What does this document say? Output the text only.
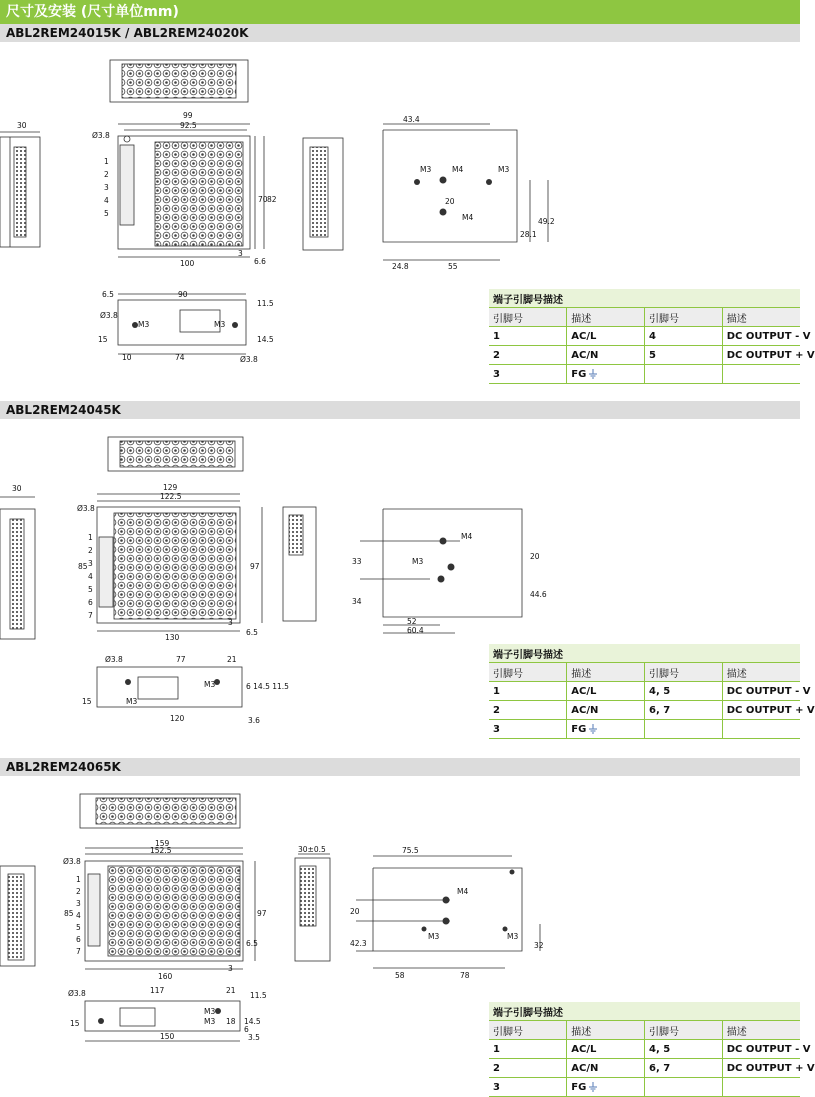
尺寸及安装 (尺寸单位mm)
ABL2REM24015K / ABL2REM24020K
30
Ø3.8
99
92.5
70 82
100
3
6.6
1
2
3
4
5
43.4
M3	M4	M3
M4
20
28.1
49.2
24.8	55
6.5	90
11.5
Ø3.8
M3	M3
15	14.5
10	74	Ø3.8
端子引脚号描述			
引脚号	描述	引脚号	描述
1	AC/L	4	DC OUTPUT - V
2	AC/N	5	DC OUTPUT + V
3	FG		
ABL2REM24045K
30
Ø3.8
129
122.5
85	97
130
3
6.5
1
2
3
4
5
6
7
33
34
20
44.6
52
60.4
M3
M4
Ø3.8	77	21
M3
M3
15
120	3.6
6 14.5 11.5
端子引脚号描述			
引脚号	描述	引脚号	描述
1	AC/L	4, 5	DC OUTPUT - V
2	AC/N	6, 7	DC OUTPUT + V
3	FG		
ABL2REM24065K
30±0.5
Ø3.8
159
152.5
85	97
160
3
6.5
1
2
3
4
5
6
7
75.5
20
42.3	32
58	78
M4
M3	M3
Ø3.8	117	21
11.5
M3
M3 18 14.5
6
15
150	3.5
端子引脚号描述			
引脚号	描述	引脚号	描述
1	AC/L	4, 5	DC OUTPUT - V
2	AC/N	6, 7	DC OUTPUT + V
3	FG		
